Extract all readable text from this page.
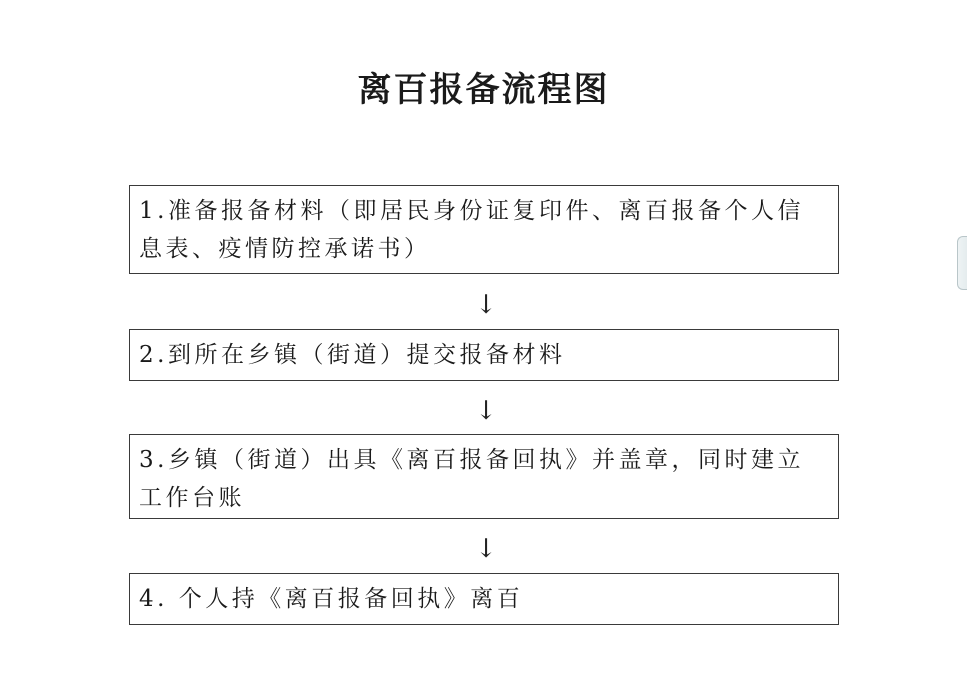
离百报备流程图
1.准备报备材料（即居民身份证复印件、离百报备个人信息表、疫情防控承诺书）
↓
2.到所在乡镇（街道）提交报备材料
↓
3.乡镇（街道）出具《离百报备回执》并盖章，同时建立工作台账
↓
4. 个人持《离百报备回执》离百
